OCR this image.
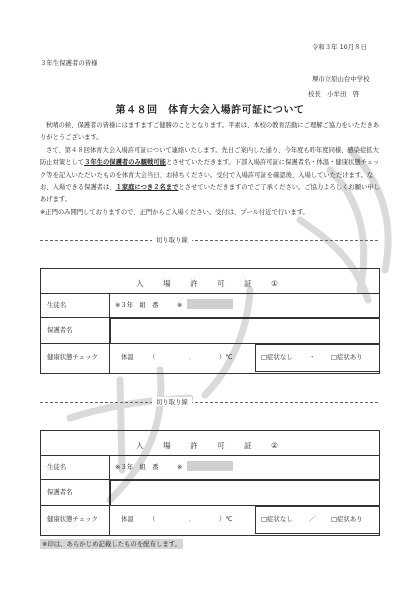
令和３年 10月８日
３年生保護者の皆様
堺市立原山台中学校
校長　小牟田　啓
第４８回　体育大会入場許可証について

秋晴の候、保護者の皆様にはますますご健勝のこととなります。平素は、本校の教育活動にご理解ご協力をいただきありがとうございます。

さて、第４８回体育大会入場許可証について連絡いたします。先日ご案内した通り、今年度も昨年度同様、感染症拡大防止対策として３年生の保護者のみ観戦可能とさせていただきます。下部入場許可証に保護者名・体温・健康状態チェック等を記入いただいたものを体育大会当日、お持ちください。受付で入場許可証を確認後、入場していただけます。なお、入場できる保護者は、１家庭につき２名までとさせていただきますのでご了承ください。ご協力よろしくお願い申しあげます。

※正門のみ開門しておりますので、正門からご入場ください。受付は、プール付近で行います。

切り取り線
入　場　許　可　証　①
生徒名	※３年　組　番	※
保護者名
健康状態チェック	体温 （	．	）℃	□症状なし	・ □症状あり
切り取り線
入　場　許　可　証　②
生徒名	※３年　組　番	※
保護者名
健康状態チェック	体温 （	．	）℃	□症状なし	／ □症状あり
※印は、あらかじめ記載したものを配布します。
